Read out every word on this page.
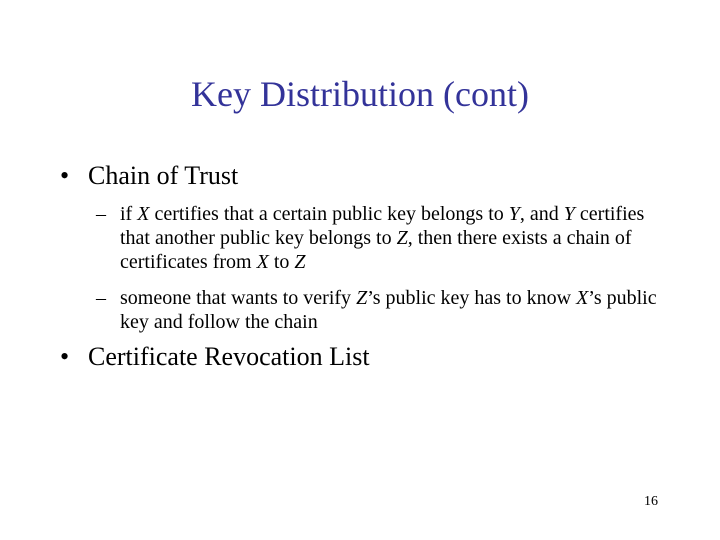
Key Distribution (cont)
• Chain of Trust
– if X certifies that a certain public key belongs to Y, and Y certifies that another public key belongs to Z, then there exists a chain of certificates from X to Z
– someone that wants to verify Z’s public key has to know X’s public key and follow the chain
• Certificate Revocation List
16
